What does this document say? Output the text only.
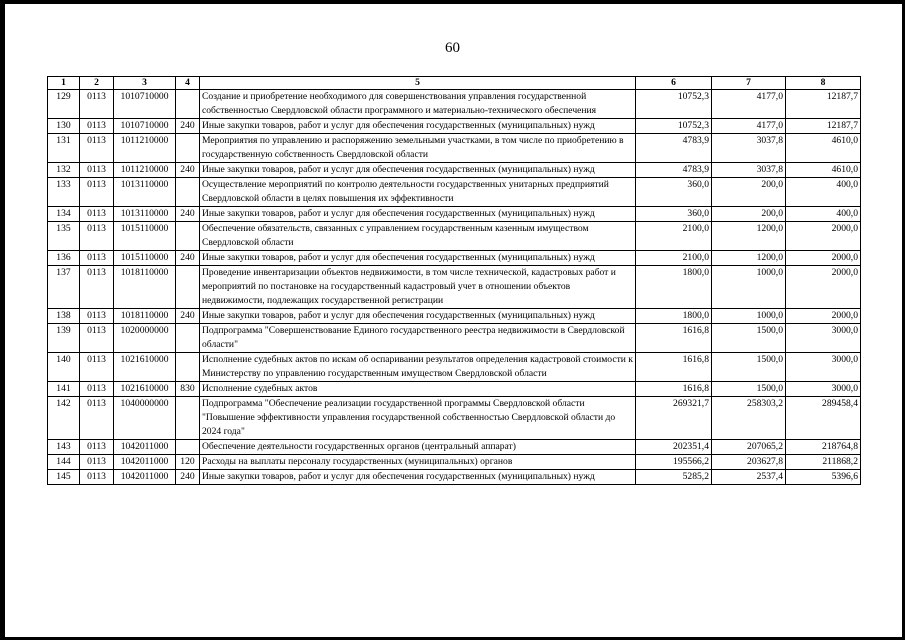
60
1	2	3	4	5	6	7	8
129	0113	1010710000		Создание и приобретение необходимого для совершенствования управления государственной собственностью Свердловской области программного и материально-технического обеспечения	10752,3	4177,0	12187,7
130	0113	1010710000	240	Иные закупки товаров, работ и услуг для обеспечения государственных (муниципальных) нужд	10752,3	4177,0	12187,7
131	0113	1011210000		Мероприятия по управлению и распоряжению земельными участками, в том числе по приобретению в государственную собственность Свердловской области	4783,9	3037,8	4610,0
132	0113	1011210000	240	Иные закупки товаров, работ и услуг для обеспечения государственных (муниципальных) нужд	4783,9	3037,8	4610,0
133	0113	1013110000		Осуществление мероприятий по контролю деятельности государственных унитарных предприятий Свердловской области в целях повышения их эффективности	360,0	200,0	400,0
134	0113	1013110000	240	Иные закупки товаров, работ и услуг для обеспечения государственных (муниципальных) нужд	360,0	200,0	400,0
135	0113	1015110000		Обеспечение обязательств, связанных с управлением государственным казенным имуществом Свердловской области	2100,0	1200,0	2000,0
136	0113	1015110000	240	Иные закупки товаров, работ и услуг для обеспечения государственных (муниципальных) нужд	2100,0	1200,0	2000,0
137	0113	1018110000		Проведение инвентаризации объектов недвижимости, в том числе технической, кадастровых работ и мероприятий по постановке на государственный кадастровый учет в отношении объектов недвижимости, подлежащих государственной регистрации	1800,0	1000,0	2000,0
138	0113	1018110000	240	Иные закупки товаров, работ и услуг для обеспечения государственных (муниципальных) нужд	1800,0	1000,0	2000,0
139	0113	1020000000		Подпрограмма "Совершенствование Единого государственного реестра недвижимости в Свердловской области"	1616,8	1500,0	3000,0
140	0113	1021610000		Исполнение судебных актов по искам об оспаривании результатов определения кадастровой стоимости к Министерству по управлению государственным имуществом Свердловской области	1616,8	1500,0	3000,0
141	0113	1021610000	830	Исполнение судебных актов	1616,8	1500,0	3000,0
142	0113	1040000000		Подпрограмма "Обеспечение реализации государственной программы Свердловской области "Повышение эффективности управления государственной собственностью Свердловской области до 2024 года"	269321,7	258303,2	289458,4
143	0113	1042011000		Обеспечение деятельности государственных органов (центральный аппарат)	202351,4	207065,2	218764,8
144	0113	1042011000	120	Расходы на выплаты персоналу государственных (муниципальных) органов	195566,2	203627,8	211868,2
145	0113	1042011000	240	Иные закупки товаров, работ и услуг для обеспечения государственных (муниципальных) нужд	5285,2	2537,4	5396,6
